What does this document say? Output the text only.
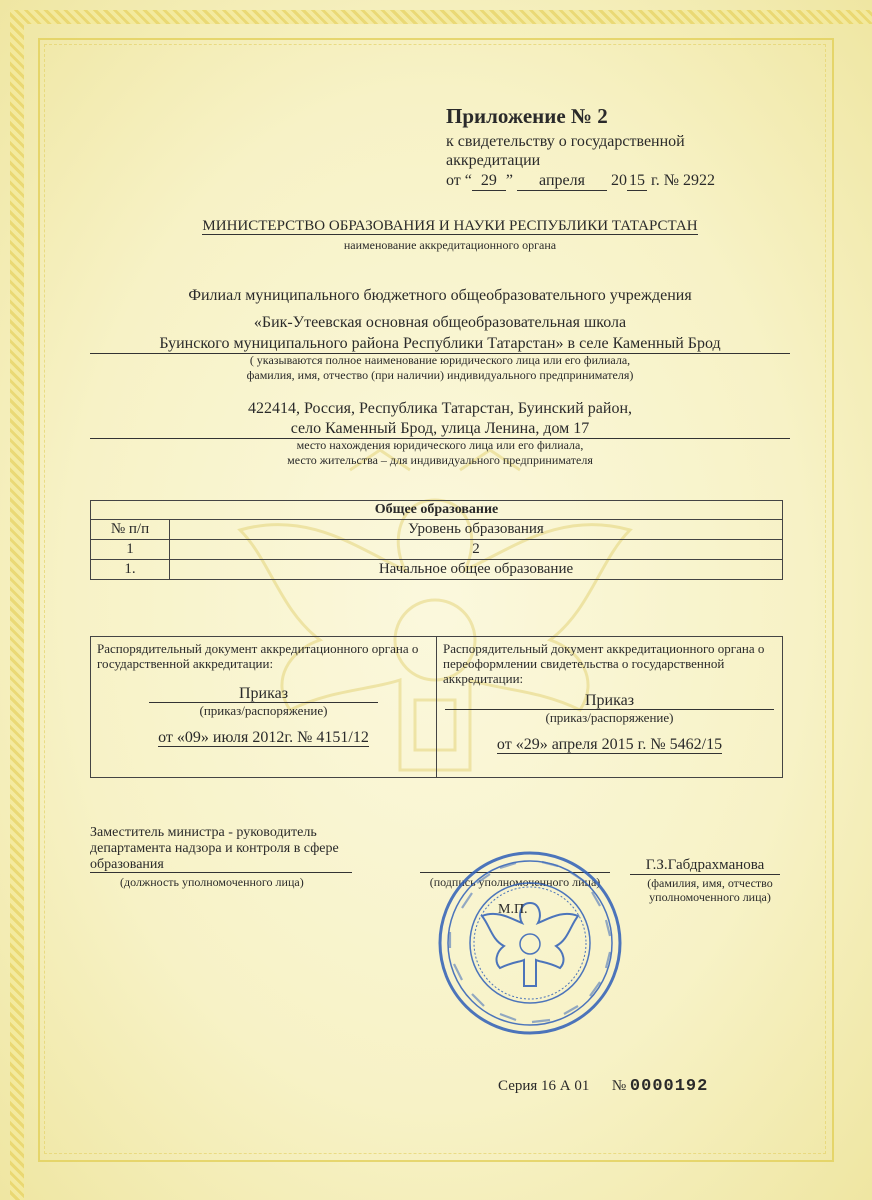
Приложение № 2
к свидетельству о государственной аккредитации
от “ 29 ” апреля 20 15 г. № 2922
МИНИСТЕРСТВО ОБРАЗОВАНИЯ И НАУКИ РЕСПУБЛИКИ ТАТАРСТАН
наименование аккредитационного органа
Филиал муниципального бюджетного общеобразовательного учреждения
«Бик-Утеевская основная общеобразовательная школа
Буинского муниципального района Республики Татарстан» в селе Каменный Брод
( указываются полное наименование юридического лица или его филиала,
фамилия, имя, отчество (при наличии) индивидуального предпринимателя)
422414, Россия, Республика Татарстан, Буинский район,
село Каменный Брод, улица Ленина, дом 17
место нахождения юридического лица или его филиала,
место жительства – для индивидуального предпринимателя
Общее образование	
№ п/п	Уровень образования
1	2
1.	Начальное общее образование
Распорядительный документ аккредитационного органа о государственной аккредитации:
Приказ
(приказ/распоряжение)
от «09» июля 2012г. № 4151/12

Распорядительный документ аккредитационного органа о переоформлении свидетельства о государственной аккредитации:
Приказ
(приказ/распоряжение)
от «29» апреля 2015 г. № 5462/15
Заместитель министра - руководитель департамента надзора и контроля в сфере образования
(должность уполномоченного лица)	(подпись уполномоченного лица)
Г.З.Габдрахманова
(фамилия, имя, отчество уполномоченного лица)
М.П.
Серия 16 А 01 № 0000192
